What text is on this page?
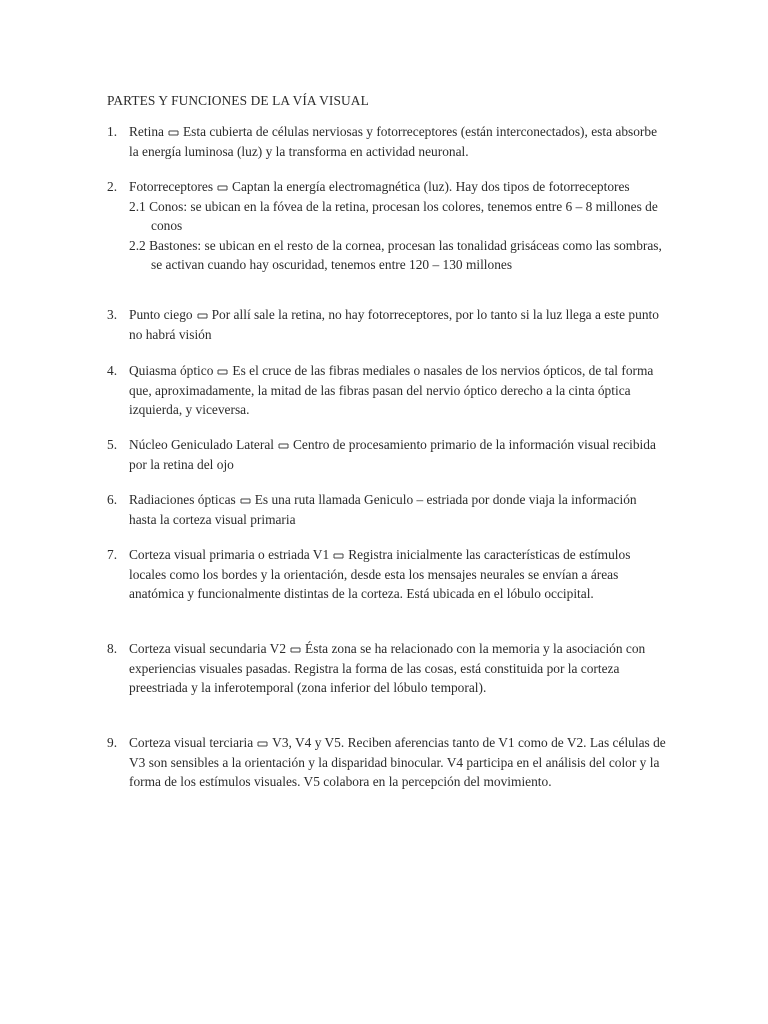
PARTES Y FUNCIONES DE LA VÍA VISUAL
1. Retina Esta cubierta de células nerviosas y fotorreceptores (están interconectados), esta absorbe la energía luminosa (luz) y la transforma en actividad neuronal.
2. Fotorreceptores Captan la energía electromagnética (luz). Hay dos tipos de fotorreceptores
2.1 Conos: se ubican en la fóvea de la retina, procesan los colores, tenemos entre 6 – 8 millones de conos
2.2 Bastones: se ubican en el resto de la cornea, procesan las tonalidad grisáceas como las sombras, se activan cuando hay oscuridad, tenemos entre 120 – 130 millones
3. Punto ciego Por allí sale la retina, no hay fotorreceptores, por lo tanto si la luz llega a este punto no habrá visión
4. Quiasma óptico Es el cruce de las fibras mediales o nasales de los nervios ópticos, de tal forma que, aproximadamente, la mitad de las fibras pasan del nervio óptico derecho a la cinta óptica izquierda, y viceversa.
5. Núcleo Geniculado Lateral Centro de procesamiento primario de la información visual recibida por la retina del ojo
6. Radiaciones ópticas Es una ruta llamada Geniculo – estriada por donde viaja la información hasta la corteza visual primaria
7. Corteza visual primaria o estriada V1 Registra inicialmente las características de estímulos locales como los bordes y la orientación, desde esta los mensajes neurales se envían a áreas anatómica y funcionalmente distintas de la corteza. Está ubicada en el lóbulo occipital.
8. Corteza visual secundaria V2 Ésta zona se ha relacionado con la memoria y la asociación con experiencias visuales pasadas. Registra la forma de las cosas, está constituida por la corteza preestriada y la inferotemporal (zona inferior del lóbulo temporal).
9. Corteza visual terciaria V3, V4 y V5. Reciben aferencias tanto de V1 como de V2. Las células de V3 son sensibles a la orientación y la disparidad binocular. V4 participa en el análisis del color y la forma de los estímulos visuales. V5 colabora en la percepción del movimiento.
